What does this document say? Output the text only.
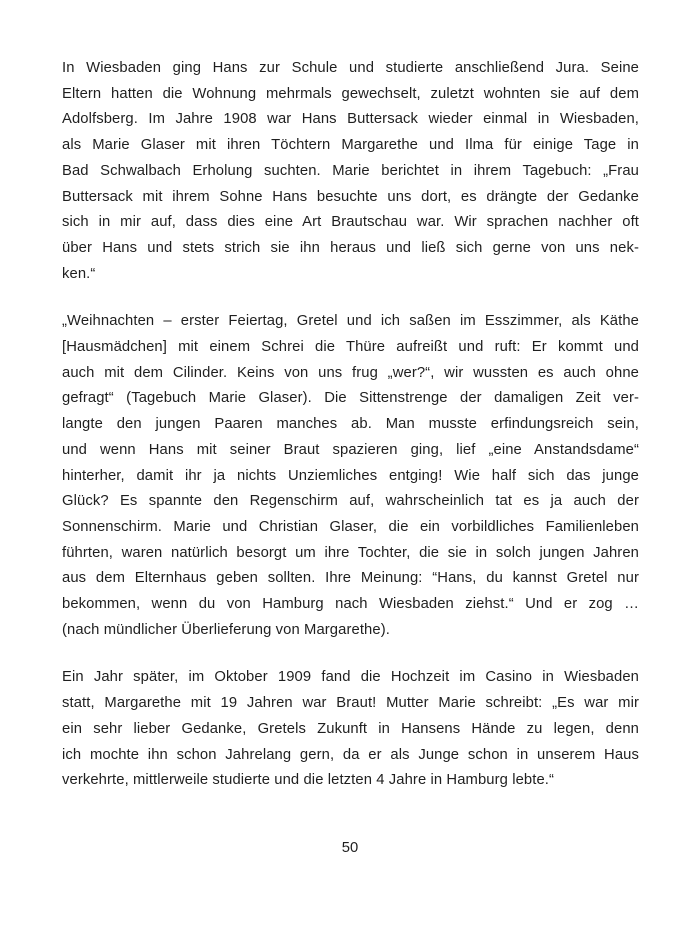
In Wiesbaden ging Hans zur Schule und studierte anschließend Jura. Seine
Eltern hatten die Wohnung mehrmals gewechselt, zuletzt wohnten sie auf dem
Adolfsberg. Im Jahre 1908 war Hans Buttersack wieder einmal in Wiesbaden,
als Marie Glaser mit ihren Töchtern Margarethe und Ilma für einige Tage in
Bad Schwalbach Erholung suchten. Marie berichtet in ihrem Tagebuch: „Frau
Buttersack mit ihrem Sohne Hans besuchte uns dort, es drängte der Gedanke
sich in mir auf, dass dies eine Art Brautschau war. Wir sprachen nachher oft
über Hans und stets strich sie ihn heraus und ließ sich gerne von uns nek-
ken.“
„Weihnachten – erster Feiertag, Gretel und ich saßen im Esszimmer, als Käthe
[Hausmädchen] mit einem Schrei die Thüre aufreißt und ruft: Er kommt und
auch mit dem Cilinder. Keins von uns frug „wer?“, wir wussten es auch ohne
gefragt“ (Tagebuch Marie Glaser). Die Sittenstrenge der damaligen Zeit ver-
langte den jungen Paaren manches ab. Man musste erfindungsreich sein,
und wenn Hans mit seiner Braut spazieren ging, lief „eine Anstandsdame“
hinterher, damit ihr ja nichts Unziemliches entging! Wie half sich das junge
Glück? Es spannte den Regenschirm auf, wahrscheinlich tat es ja auch der
Sonnenschirm. Marie und Christian Glaser, die ein vorbildliches Familienleben
führten, waren natürlich besorgt um ihre Tochter, die sie in solch jungen Jahren
aus dem Elternhaus geben sollten. Ihre Meinung: “Hans, du kannst Gretel nur
bekommen, wenn du von Hamburg nach Wiesbaden ziehst.“ Und er zog …
(nach mündlicher Überlieferung von Margarethe).
Ein Jahr später, im Oktober 1909 fand die Hochzeit im Casino in Wiesbaden
statt, Margarethe mit 19 Jahren war Braut! Mutter Marie schreibt: „Es war mir
ein sehr lieber Gedanke, Gretels Zukunft in Hansens Hände zu legen, denn
ich mochte ihn schon Jahrelang gern, da er als Junge schon in unserem Haus
verkehrte, mittlerweile studierte und die letzten 4 Jahre in Hamburg lebte.“
50
